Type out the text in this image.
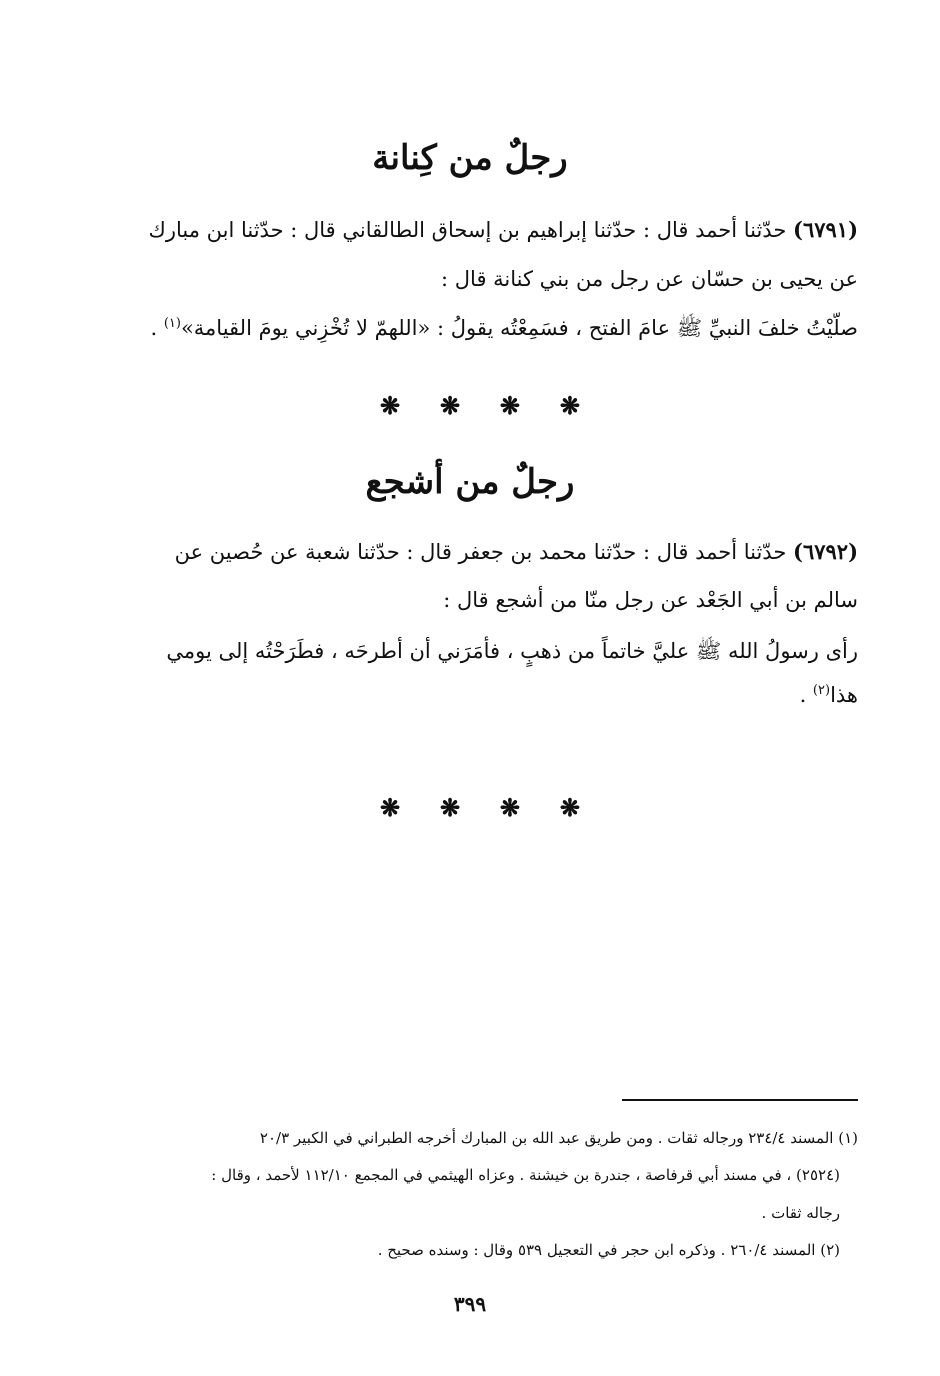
رجلٌ من كِنانة

(٦٧٩١) حدّثنا أحمد قال : حدّثنا إبراهيم بن إسحاق الطالقاني قال : حدّثنا ابن مبارك

عن يحيى بن حسّان عن رجل من بني كنانة قال :

صلّيْتُ خلفَ النبيِّ ﷺ عامَ الفتح ، فسَمِعْتُه يقولُ : «اللهمّ لا تُخْزِني يومَ القيامة»$^{(١)}$ .

❋ ❋ ❋ ❋
رجلٌ من أشجع

(٦٧٩٢) حدّثنا أحمد قال : حدّثنا محمد بن جعفر قال : حدّثنا شعبة عن حُصين عن

سالم بن أبي الجَعْد عن رجل منّا من أشجع قال :

رأى رسولُ الله ﷺ عليَّ خاتماً من ذهبٍ ، فأمَرَني أن أطرحَه ، فطَرَحْتُه إلى يومي

هذا$^{(٢)}$ .

❋ ❋ ❋ ❋

(١) المسند ٢٣٤/٤ ورجاله ثقات . ومن طريق عبد الله بن المبارك أخرجه الطبراني في الكبير ٢٠/٣

(٢٥٢٤) ، في مسند أبي قرفاصة ، جندرة بن خيشنة . وعزاه الهيثمي في المجمع ١١٢/١٠ لأحمد ، وقال :

رجاله ثقات .

(٢) المسند ٢٦٠/٤ . وذكره ابن حجر في التعجيل ٥٣٩ وقال : وسنده صحيح .

٣٩٩
